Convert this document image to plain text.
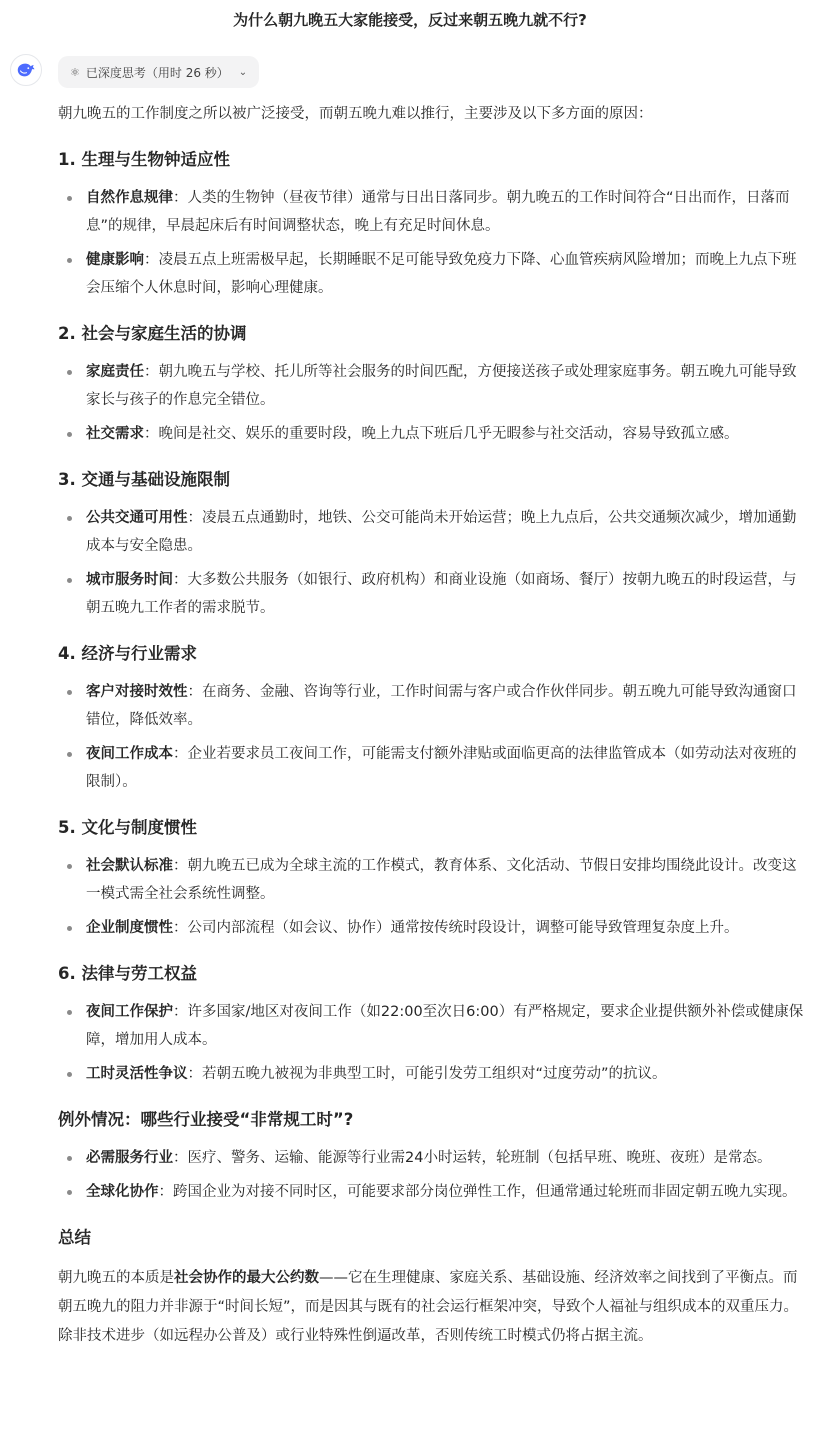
为什么朝九晚五大家能接受，反过来朝五晚九就不行?
⚛ 已深度思考（用时 26 秒） ⌄

朝九晚五的工作制度之所以被广泛接受，而朝五晚九难以推行，主要涉及以下多方面的原因：

1. 生理与生物钟适应性
自然作息规律：人类的生物钟（昼夜节律）通常与日出日落同步。朝九晚五的工作时间符合“日出而作，日落而息”的规律，早晨起床后有时间调整状态，晚上有充足时间休息。
健康影响：凌晨五点上班需极早起，长期睡眠不足可能导致免疫力下降、心血管疾病风险增加；而晚上九点下班会压缩个人休息时间，影响心理健康。
2. 社会与家庭生活的协调
家庭责任：朝九晚五与学校、托儿所等社会服务的时间匹配，方便接送孩子或处理家庭事务。朝五晚九可能导致家长与孩子的作息完全错位。
社交需求：晚间是社交、娱乐的重要时段，晚上九点下班后几乎无暇参与社交活动，容易导致孤立感。
3. 交通与基础设施限制
公共交通可用性：凌晨五点通勤时，地铁、公交可能尚未开始运营；晚上九点后，公共交通频次减少，增加通勤成本与安全隐患。
城市服务时间：大多数公共服务（如银行、政府机构）和商业设施（如商场、餐厅）按朝九晚五的时段运营，与朝五晚九工作者的需求脱节。
4. 经济与行业需求
客户对接时效性：在商务、金融、咨询等行业，工作时间需与客户或合作伙伴同步。朝五晚九可能导致沟通窗口错位，降低效率。
夜间工作成本：企业若要求员工夜间工作，可能需支付额外津贴或面临更高的法律监管成本（如劳动法对夜班的限制）。
5. 文化与制度惯性
社会默认标准：朝九晚五已成为全球主流的工作模式，教育体系、文化活动、节假日安排均围绕此设计。改变这一模式需全社会系统性调整。
企业制度惯性：公司内部流程（如会议、协作）通常按传统时段设计，调整可能导致管理复杂度上升。
6. 法律与劳工权益
夜间工作保护：许多国家/地区对夜间工作（如22:00至次日6:00）有严格规定，要求企业提供额外补偿或健康保障，增加用人成本。
工时灵活性争议：若朝五晚九被视为非典型工时，可能引发劳工组织对“过度劳动”的抗议。
例外情况：哪些行业接受“非常规工时”?
必需服务行业：医疗、警务、运输、能源等行业需24小时运转，轮班制（包括早班、晚班、夜班）是常态。
全球化协作：跨国企业为对接不同时区，可能要求部分岗位弹性工作，但通常通过轮班而非固定朝五晚九实现。
总结

朝九晚五的本质是社会协作的最大公约数——它在生理健康、家庭关系、基础设施、经济效率之间找到了平衡点。而朝五晚九的阻力并非源于“时间长短”，而是因其与既有的社会运行框架冲突，导致个人福祉与组织成本的双重压力。除非技术进步（如远程办公普及）或行业特殊性倒逼改革，否则传统工时模式仍将占据主流。
